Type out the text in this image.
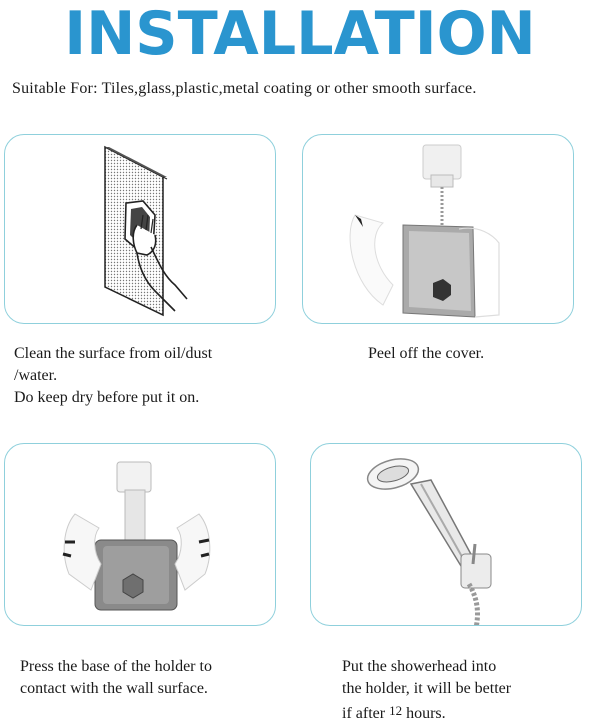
INSTALLATION
Suitable For: Tiles,glass,plastic,metal coating or other smooth surface.
Clean the surface from oil/dust
/water.
Do keep dry before put it on.
Peel off the cover.
Press the base of the holder to
contact with the wall surface.
Put the showerhead into
the holder, it will be better
if after 12 hours.
